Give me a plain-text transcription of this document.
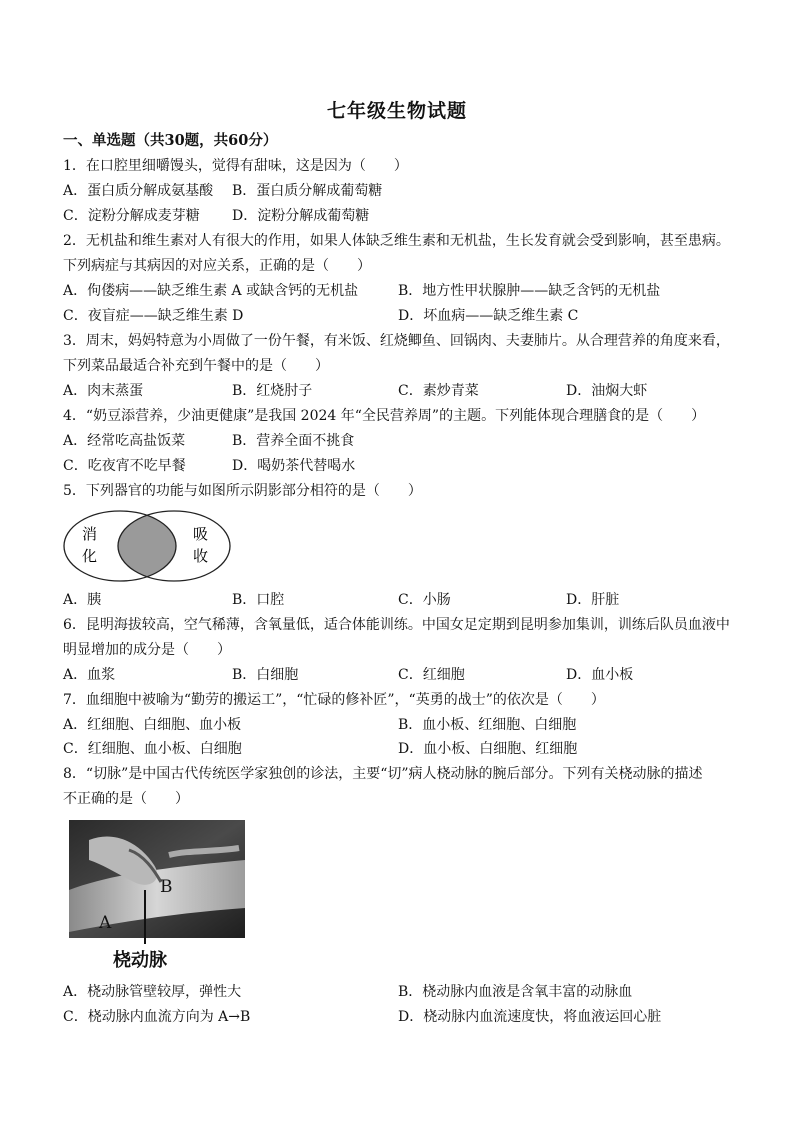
七年级生物试题
一、单选题（共30题，共60分）
1．在口腔里细嚼馒头，觉得有甜味，这是因为（　　）
A．蛋白质分解成氨基酸 B．蛋白质分解成葡萄糖
C．淀粉分解成麦芽糖 D．淀粉分解成葡萄糖
2．无机盐和维生素对人有很大的作用，如果人体缺乏维生素和无机盐，生长发育就会受到影响，甚至患病。
下列病症与其病因的对应关系，正确的是（　　）
A．佝偻病——缺乏维生素 A 或缺含钙的无机盐	B．地方性甲状腺肿——缺乏含钙的无机盐
C．夜盲症——缺乏维生素 D	D．坏血病——缺乏维生素 C
3．周末，妈妈特意为小周做了一份午餐，有米饭、红烧鲫鱼、回锅肉、夫妻肺片。从合理营养的角度来看，
下列菜品最适合补充到午餐中的是（　　）
A．肉末蒸蛋	B．红烧肘子	C．素炒青菜	D．油焖大虾
4．“奶豆添营养，少油更健康”是我国 2024 年“全民营养周”的主题。下列能体现合理膳食的是（　　）
A．经常吃高盐饭菜	B．营养全面不挑食
C．吃夜宵不吃早餐	D．喝奶茶代替喝水
5．下列器官的功能与如图所示阴影部分相符的是（　　）
消
化
吸
收
A．胰	B．口腔	C．小肠	D．肝脏
6．昆明海拔较高，空气稀薄，含氧量低，适合体能训练。中国女足定期到昆明参加集训，训练后队员血液中
明显增加的成分是（　　）
A．血浆	B．白细胞	C．红细胞	D．血小板
7．血细胞中被喻为“勤劳的搬运工”，“忙碌的修补匠”，“英勇的战士”的依次是（　　）
A．红细胞、白细胞、血小板	B．血小板、红细胞、白细胞
C．红细胞、血小板、白细胞	D．血小板、白细胞、红细胞
8．“切脉”是中国古代传统医学家独创的诊法，主要“切”病人桡动脉的腕后部分。下列有关桡动脉的描述
不正确的是（　　）
A
B
桡动脉
A．桡动脉管壁较厚，弹性大	B．桡动脉内血液是含氧丰富的动脉血
C．桡动脉内血流方向为 A→B	D．桡动脉内血流速度快，将血液运回心脏
